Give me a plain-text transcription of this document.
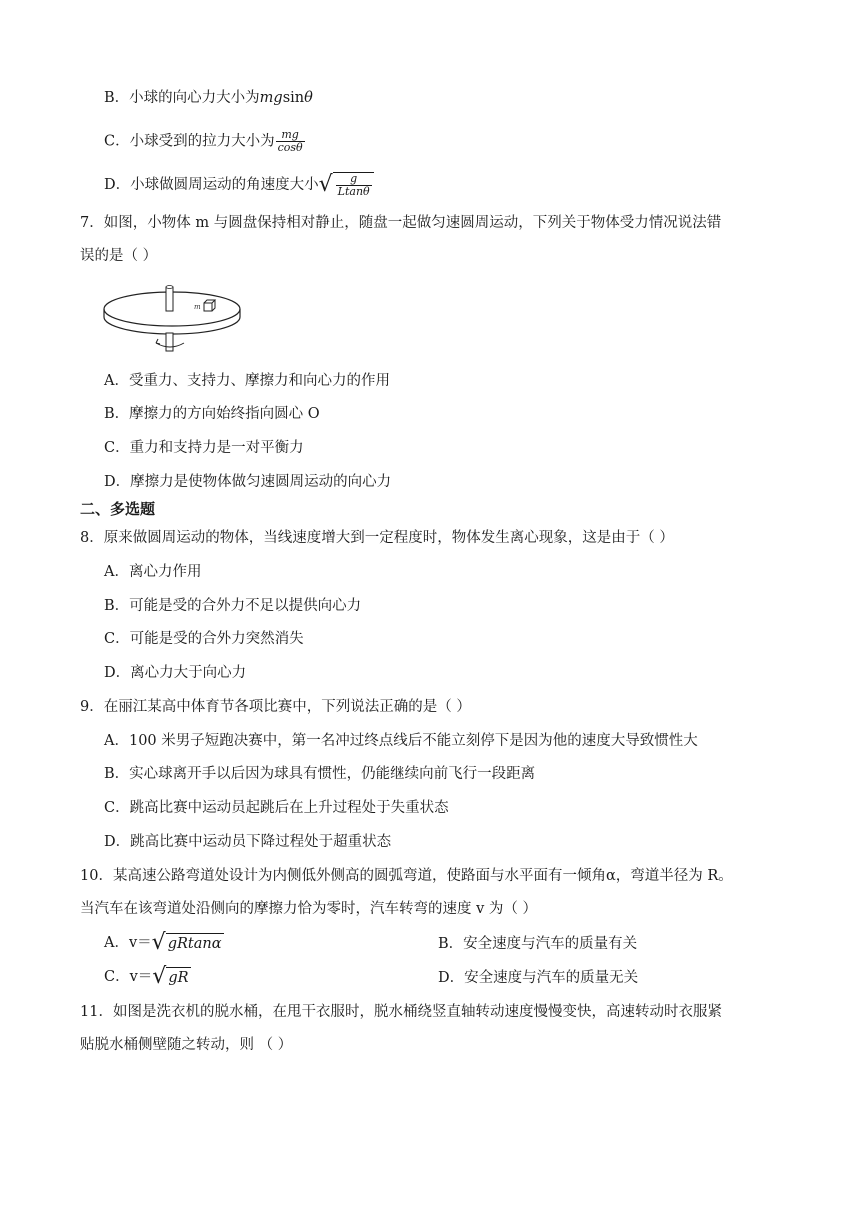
B．小球的向心力大小为mgsinθ
C．小球受到的拉力大小为 $\frac{mg}{\cos\theta}$
D．小球做圆周运动的角速度大小√ $\frac{g}{Ltan\theta}$
7．如图，小物体 m 与圆盘保持相对静止，随盘一起做匀速圆周运动，下列关于物体受力情况说法错
误的是（ ）
m
A．受重力、支持力、摩擦力和向心力的作用
B．摩擦力的方向始终指向圆心 O
C．重力和支持力是一对平衡力
D．摩擦力是使物体做匀速圆周运动的向心力
二、多选题
8．原来做圆周运动的物体，当线速度增大到一定程度时，物体发生离心现象，这是由于（ ）
A．离心力作用
B．可能是受的合外力不足以提供向心力
C．可能是受的合外力突然消失
D．离心力大于向心力
9．在丽江某高中体育节各项比赛中，下列说法正确的是（ ）
A．100 米男子短跑决赛中，第一名冲过终点线后不能立刻停下是因为他的速度大导致惯性大
B．实心球离开手以后因为球具有惯性，仍能继续向前飞行一段距离
C．跳高比赛中运动员起跳后在上升过程处于失重状态
D．跳高比赛中运动员下降过程处于超重状态
10．某高速公路弯道处设计为内侧低外侧高的圆弧弯道，使路面与水平面有一倾角α，弯道半径为 R。
当汽车在该弯道处沿侧向的摩擦力恰为零时，汽车转弯的速度 v 为（ ）
A．v＝√ gRtanα	B．安全速度与汽车的质量有关
C．v＝√ gR	D．安全速度与汽车的质量无关
11．如图是洗衣机的脱水桶，在甩干衣服时，脱水桶绕竖直轴转动速度慢慢变快，高速转动时衣服紧
贴脱水桶侧壁随之转动，则 （ ）
